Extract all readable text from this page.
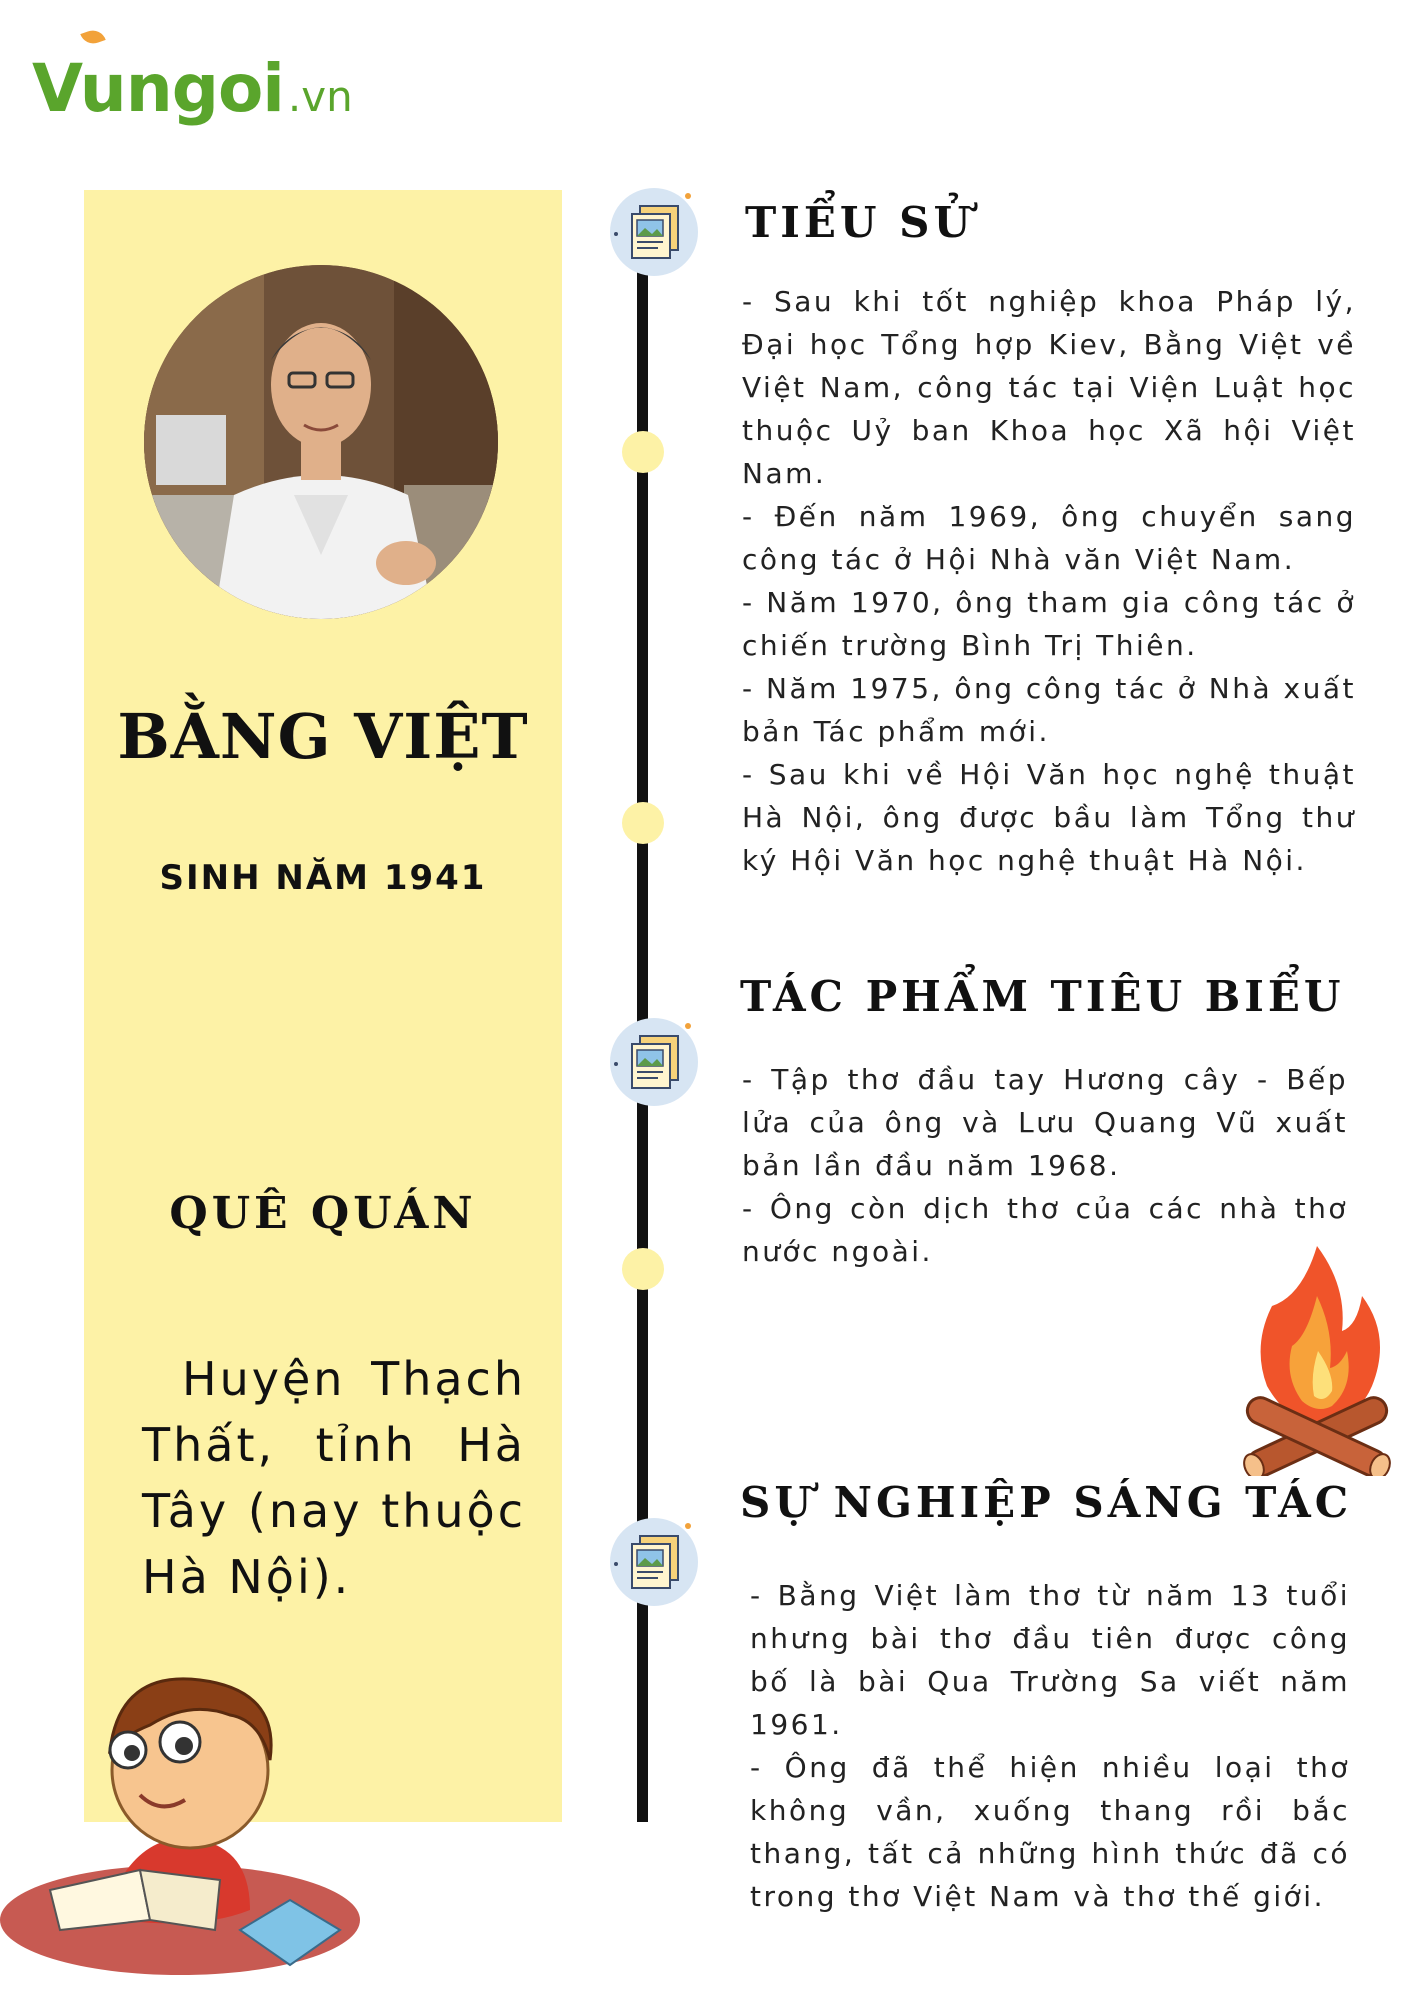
Vungoi .vn
BẰNG VIỆT
SINH NĂM 1941
QUÊ QUÁN
Huyện Thạch Thất, tỉnh Hà Tây (nay thuộc Hà Nội).
TIỂU SỬ

- Sau khi tốt nghiệp khoa Pháp lý, Đại học Tổng hợp Kiev, Bằng Việt về Việt Nam, công tác tại Viện Luật học thuộc Uỷ ban Khoa học Xã hội Việt Nam.

- Đến năm 1969, ông chuyển sang công tác ở Hội Nhà văn Việt Nam.

- Năm 1970, ông tham gia công tác ở chiến trường Bình Trị Thiên.

- Năm 1975, ông công tác ở Nhà xuất bản Tác phẩm mới.

- Sau khi về Hội Văn học nghệ thuật Hà Nội, ông được bầu làm Tổng thư ký Hội Văn học nghệ thuật Hà Nội.

TÁC PHẨM TIÊU BIỂU

- Tập thơ đầu tay Hương cây - Bếp lửa của ông và Lưu Quang Vũ xuất bản lần đầu năm 1968.

- Ông còn dịch thơ của các nhà thơ nước ngoài.

SỰ NGHIỆP SÁNG TÁC

- Bằng Việt làm thơ từ năm 13 tuổi nhưng bài thơ đầu tiên được công bố là bài Qua Trường Sa viết năm 1961.

- Ông đã thể hiện nhiều loại thơ không vần, xuống thang rồi bắc thang, tất cả những hình thức đã có trong thơ Việt Nam và thơ thế giới.
